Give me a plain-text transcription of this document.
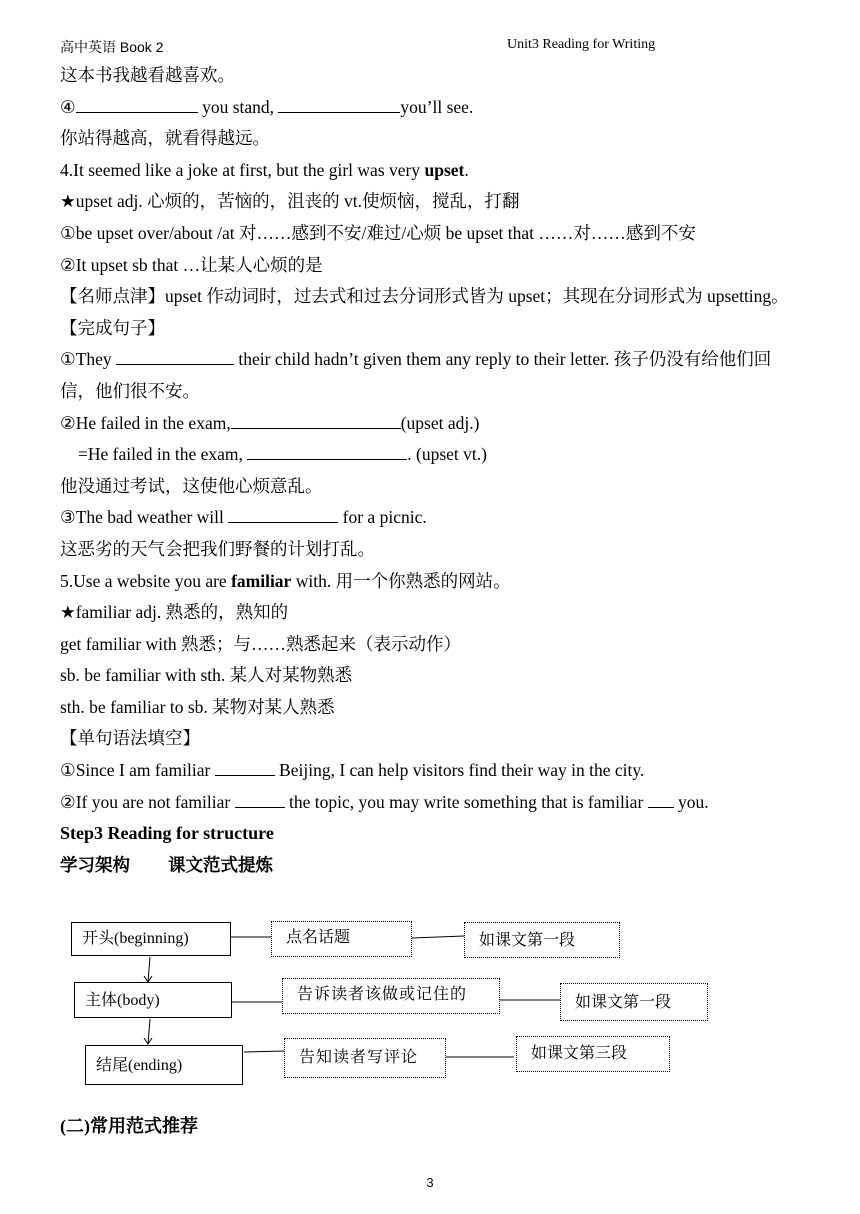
高中英语 Book 2	Unit3 Reading for Writing
这本书我越看越喜欢。
④	you stand,	you’ll see.
你站得越高，就看得越远。
4.It seemed like a joke at first, but the girl was very upset.
★upset adj. 心烦的，苦恼的，沮丧的 vt.使烦恼，搅乱，打翻
①be upset over/about /at 对……感到不安/难过/心烦 be upset that ……对……感到不安
②It upset sb that …让某人心烦的是
【名师点津】upset 作动词时，过去式和过去分词形式皆为 upset；其现在分词形式为 upsetting。
【完成句子】
①They	their child hadn’t given them any reply to their letter. 孩子仍没有给他们回信，他们很不安。
②He failed in the exam,	(upset adj.)
=He failed in the exam,	. (upset vt.)
他没通过考试，这使他心烦意乱。
③The bad weather will	for a picnic.
这恶劣的天气会把我们野餐的计划打乱。
5.Use a website you are familiar with. 用一个你熟悉的网站。
★familiar adj. 熟悉的，熟知的
get familiar with 熟悉；与……熟悉起来（表示动作）
sb. be familiar with sth. 某人对某物熟悉
sth. be familiar to sb. 某物对某人熟悉
【单句语法填空】
①Since I am familiar	Beijing, I can help visitors find their way in the city.
②If you are not familiar	the topic, you may write something that is familiar  you.
Step3 Reading for structure
学习架构 课文范式提炼
开头(beginning)
主体(body)
结尾(ending)
点名话题
告诉读者该做或记住的
告知读者写评论
如课文第一段
如课文第一段
如课文第三段
(二)常用范式推荐
3
